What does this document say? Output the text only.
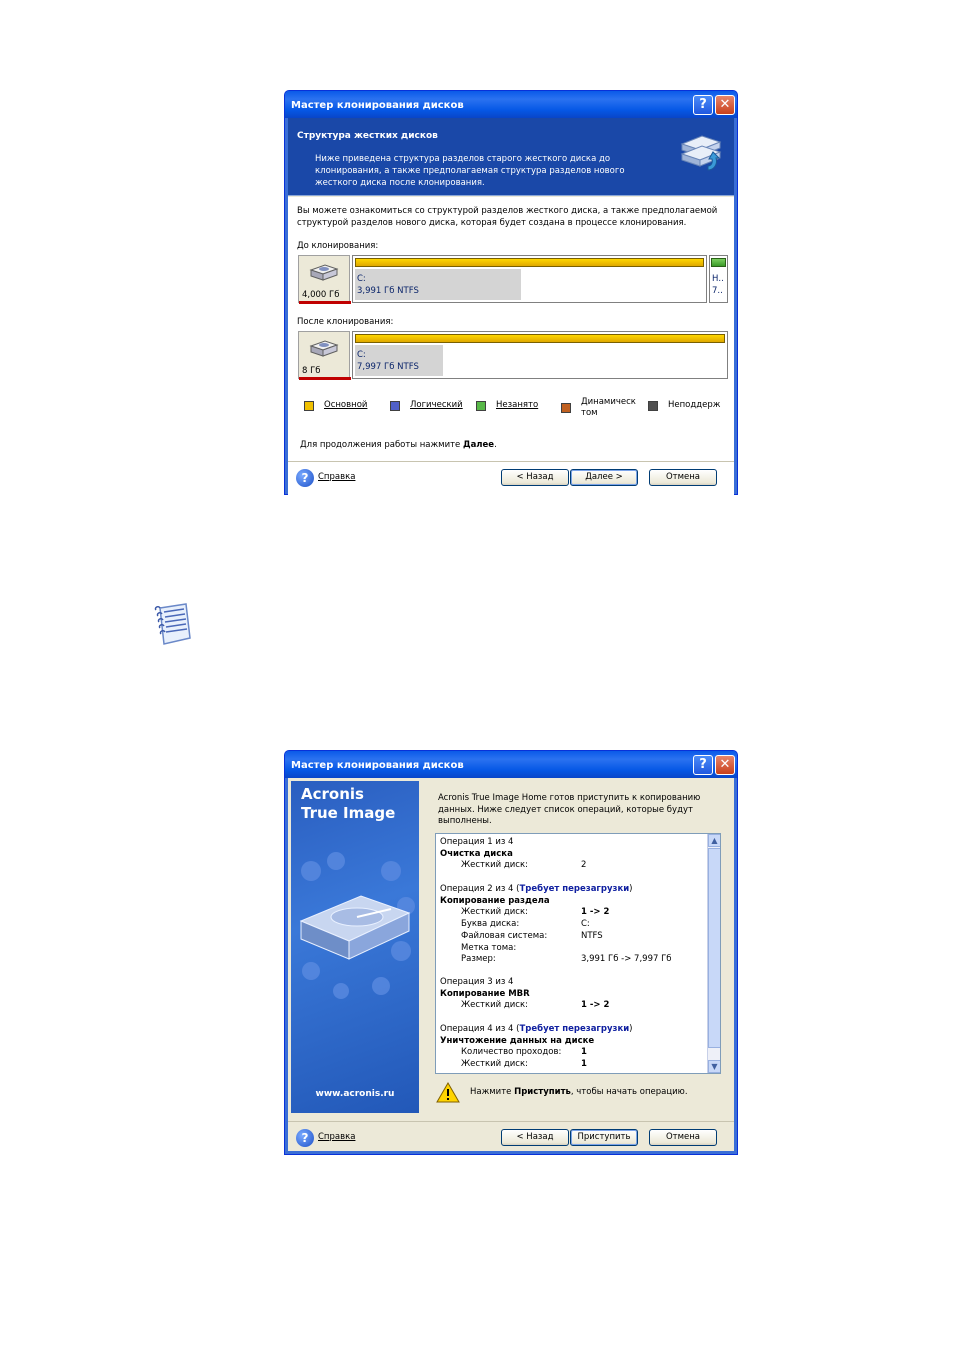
Мастер клонирования дисков	? ✕
Структура жестких дисков
Ниже приведена структура разделов старого жесткого диска до клонирования, а также предполагаемая структура разделов нового жесткого диска после клонирования.
Вы можете ознакомиться со структурой разделов жесткого диска, а также предполагаемой структурой разделов нового диска, которая будет создана в процессе клонирования.
До клонирования:
4,000 Гб
C:
3,991 Гб NTFS
Н..
7..
После клонирования:
8 Гб
C:
7,997 Гб NTFS
Основной	Логический	Незанято	Динамическ
том
Неподдерж
Для продолжения работы нажмите Далее.
?	Справка	< Назад	Далее >	Отмена
Мастер клонирования дисков	? ✕
Acronis
True Image
www.acronis.ru
Acronis True Image Home готов приступить к копированию данных. Ниже следует список операций, которые будут выполнены.
Операция 1 из 4
Очистка диска
Жесткий диск:	2
Операция 2 из 4 (Требует перезагрузки)
Копирование раздела
Жесткий диск:	1 -> 2
Буква диска:	C:
Файловая система:	NTFS
Метка тома:
Размер:	3,991 Гб -> 7,997 Гб
Операция 3 из 4
Копирование MBR
Жесткий диск:	1 -> 2
Операция 4 из 4 (Требует перезагрузки)
Уничтожение данных на диске
Количество проходов: 1
Жесткий диск:	1
▲
▼
Нажмите Приступить, чтобы начать операцию.
?	Справка	< Назад	Приступить	Отмена
